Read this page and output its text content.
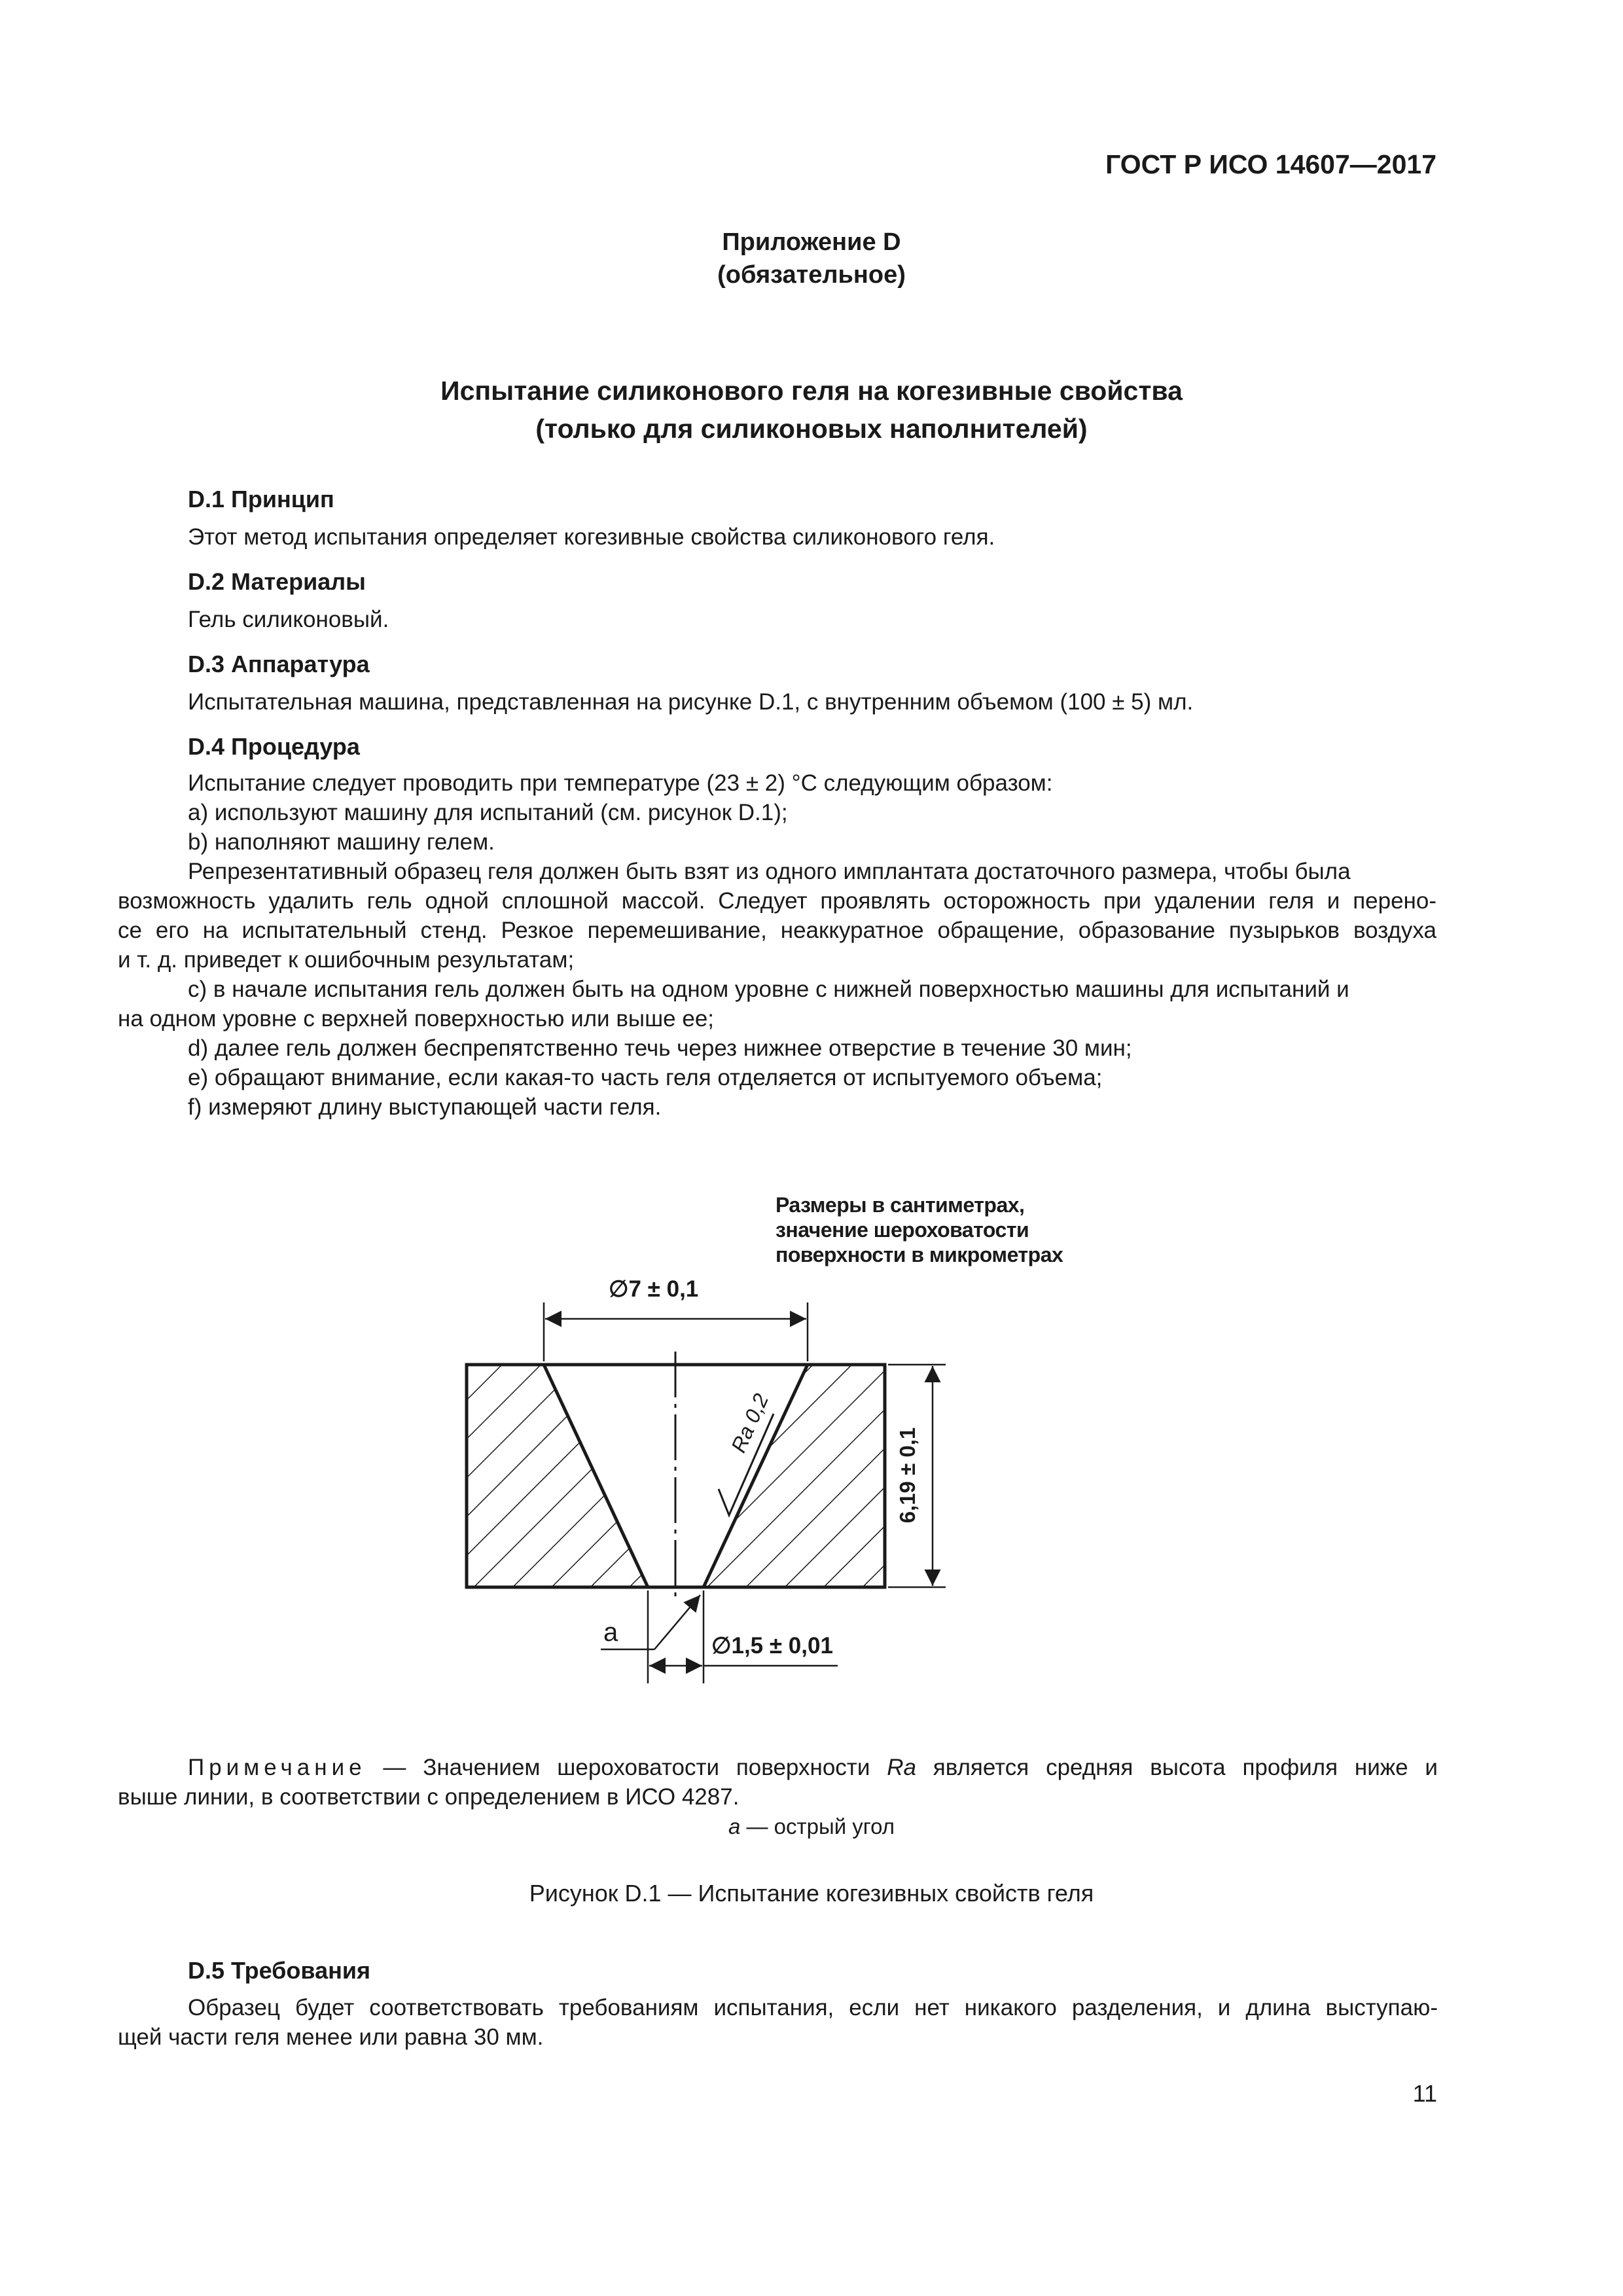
ГОСТ Р ИСО 14607—2017
Приложение D
(обязательное)
Испытание силиконового геля на когезивные свойства
(только для силиконовых наполнителей)
D.1 Принцип
Этот метод испытания определяет когезивные свойства силиконового геля.
D.2 Материалы
Гель силиконовый.
D.3 Аппаратура
Испытательная машина, представленная на рисунке D.1, с внутренним объемом (100 ± 5) мл.
D.4 Процедура
Испытание следует проводить при температуре (23 ± 2) °С следующим образом:
a) используют машину для испытаний (см. рисунок D.1);
b) наполняют машину гелем.
Репрезентативный образец геля должен быть взят из одного имплантата достаточного размера, чтобы была
возможность удалить гель одной сплошной массой. Следует проявлять осторожность при удалении геля и перено-
се его на испытательный стенд. Резкое перемешивание, неаккуратное обращение, образование пузырьков воздуха
и т. д. приведет к ошибочным результатам;
c) в начале испытания гель должен быть на одном уровне с нижней поверхностью машины для испытаний и
на одном уровне с верхней поверхностью или выше ее;
d) далее гель должен беспрепятственно течь через нижнее отверстие в течение 30 мин;
e) обращают внимание, если какая-то часть геля отделяется от испытуемого объема;
f) измеряют длину выступающей части геля.
Размеры в сантиметрах,
значение шероховатости
поверхности в микрометрах
∅7 ± 0,1
6,19 ± 0,1
∅1,5 ± 0,01
Ra 0,2
a
Примечание — Значением шероховатости поверхности Ra является средняя высота профиля ниже и
выше линии, в соответствии с определением в ИСО 4287.
a — острый угол
Рисунок D.1 — Испытание когезивных свойств геля
D.5 Требования
Образец будет соответствовать требованиям испытания, если нет никакого разделения, и длина выступаю-
щей части геля менее или равна 30 мм.
11
